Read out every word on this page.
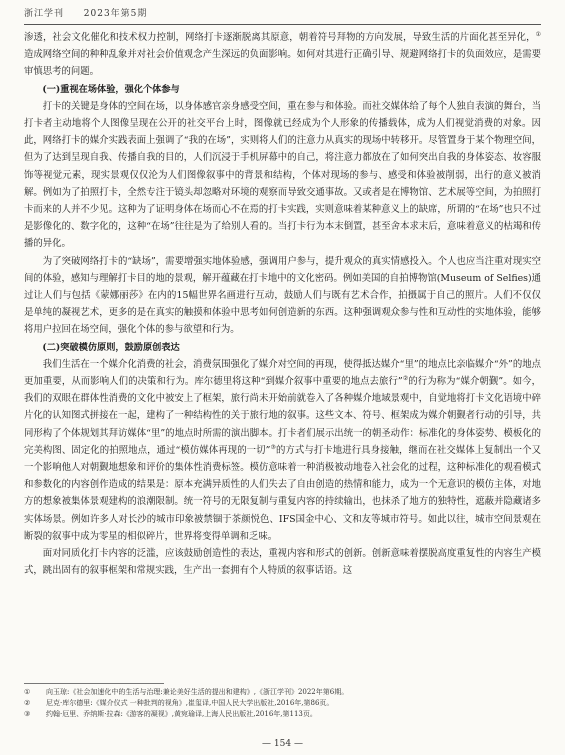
浙江学刊 2023年第5期

渗透，社会文化催化和技术权力控制，网络打卡逐渐脱离其原意，朝着符号拜物的方向发展，导致生活的片面化甚至异化，①造成网络空间的种种乱象并对社会价值观念产生深远的负面影响。如何对其进行正确引导、规避网络打卡的负面效应，是需要审慎思考的问题。

(一)重视在场体验，强化个体参与

打卡的关键是身体的空间在场，以身体感官亲身感受空间，重在参与和体验。而社交媒体给了每个人独自表演的舞台，当打卡者主动地将个人图像呈现在公开的社交平台上时，图像就已经成为个人形象的传播载体，成为人们视觉消费的对象。因此，网络打卡的媒介实践表面上强调了“我的在场”，实则将人们的注意力从真实的现场中转移开。尽管置身于某个物理空间，但为了达到呈现自我、传播自我的目的，人们沉浸于手机屏幕中的自己，将注意力都放在了如何突出自我的身体姿态、妆容服饰等视觉元素，现实景观仅仅沦为人们图像叙事中的背景和结构，个体对现场的参与、感受和体验被削弱，出行的意义被消解。例如为了拍照打卡，全然专注于镜头却忽略对环境的观察而导致交通事故。又或者是在博物馆、艺术展等空间，为拍照打卡而来的人并不少见。这种为了证明身体在场而心不在焉的打卡实践，实则意味着某种意义上的缺席，所谓的“在场”也只不过是影像化的、数字化的，这种“在场”往往是为了给别人看的。当打卡行为本末倒置，甚至舍本求末后，意味着意义的枯竭和传播的异化。

为了突破网络打卡的“缺场”，需要增强实地体验感，强调用户参与，提升观众的真实情感投入。个人也应当注重对现实空间的体验，感知与理解打卡目的地的景观，解开蕴藏在打卡地中的文化密码。例如美国的自拍博物馆(Museum of Selfies)通过让人们与包括《蒙娜丽莎》在内的15幅世界名画进行互动，鼓励人们与既有艺术合作，拍摄属于自己的照片。人们不仅仅是单纯的凝视艺术，更多的是在真实的触摸和体验中思考如何创造新的东西。这种强调观众参与性和互动性的实地体验，能够将用户拉回在场空间，强化个体的参与欲望和行为。

(二)突破模仿原则，鼓励原创表达

我们生活在一个媒介化消费的社会，消费氛围强化了媒介对空间的再现，使得抵达媒介“里”的地点比亲临媒介“外”的地点更加重要，从而影响人们的决策和行为。库尔德里将这种“到媒介叙事中重要的地点去旅行”②的行为称为“媒介朝觐”。如今，我们的双眼在群体性消费的文化中被安上了框架，旅行尚未开始前就卷入了各种媒介地域景观中，自觉地将打卡文化语境中碎片化的认知图式拼接在一起，建构了一种结构性的关于旅行地的叙事。这些文本、符号、框架成为媒介朝觐者行动的引导，共同形构了个体规划其拜访媒体“里”的地点时所需的演出脚本。打卡者们展示出统一的朝圣动作：标准化的身体姿势、模板化的完美构图、固定化的拍照地点，通过“模仿媒体再现的一切”③的方式与打卡地进行具身接触，继而在社交媒体上复制出一个又一个影响他人对朝觐地想象和评价的集体性消费标签。模仿意味着一种消极被动地卷入社会化的过程，这种标准化的观看模式和参数化的内容创作造成的结果是：原本充满异质性的人们失去了自由创造的热情和能力，成为一个无意识的模仿主体，对地方的想象被集体景观建构的浪潮限制。统一符号的无限复制与重复内容的持续输出，也抹杀了地方的独特性，遮蔽并隐藏诸多实体场景。例如许多人对长沙的城市印象被禁锢于茶颜悦色、IFS国金中心、文和友等城市符号。如此以往，城市空间景观在断裂的叙事中成为零星的相似碎片，世界将变得单调和乏味。

面对同质化打卡内容的泛滥，应该鼓励创造性的表达，重视内容和形式的创新。创新意味着摆脱高度重复性的内容生产模式，跳出固有的叙事框架和常规实践，生产出一套拥有个人特质的叙事话语。这

①	向玉琼:《社会加速化中的生活与治理:兼论美好生活的提出和建构》,《浙江学刊》2022年第6期。
②	尼克·库尔德里:《媒介仪式 一种批判的视角》,崔玺译,中国人民大学出版社,2016年,第86页。
③	约翰·厄里、乔纳斯·拉森:《游客的凝视》,黄宛瑜译,上海人民出版社,2016年,第113页。
— 154 —
